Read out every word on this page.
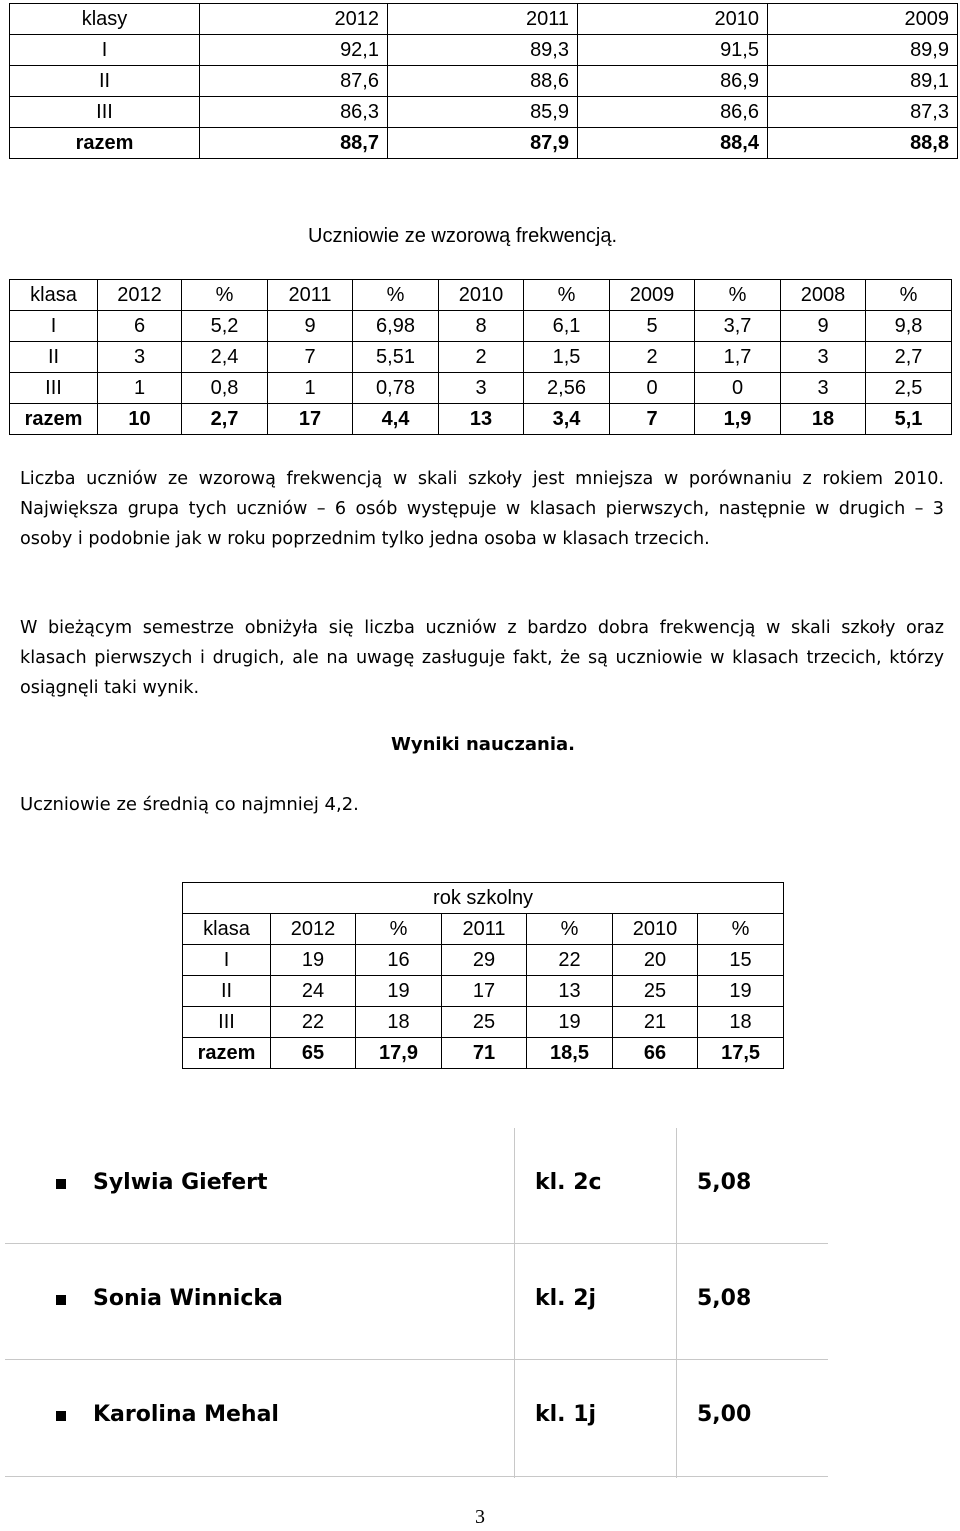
klasy	2012	2011	2010	2009
I	92,1	89,3	91,5	89,9
II	87,6	88,6	86,9	89,1
III	86,3	85,9	86,6	87,3
razem	88,7	87,9	88,4	88,8
Uczniowie ze wzorową frekwencją.
klasa	2012	%	2011	%	2010	%	2009	%	2008	%
I	6	5,2	9	6,98	8	6,1	5	3,7	9	9,8
II	3	2,4	7	5,51	2	1,5	2	1,7	3	2,7
III	1	0,8	1	0,78	3	2,56	0	0	3	2,5
razem	10	2,7	17	4,4	13	3,4	7	1,9	18	5,1
Liczba uczniów ze wzorową frekwencją w skali szkoły jest mniejsza w porównaniu z rokiem 2010. Największa grupa tych uczniów – 6 osób występuje w klasach pierwszych, następnie w drugich – 3 osoby i podobnie jak w roku poprzednim tylko jedna osoba w klasach trzecich.
W bieżącym semestrze obniżyła się liczba uczniów z bardzo dobra frekwencją w skali szkoły oraz klasach pierwszych i drugich, ale na uwagę zasługuje fakt, że są uczniowie w klasach trzecich, którzy osiągnęli taki wynik.
Wyniki nauczania.
Uczniowie ze średnią co najmniej 4,2.
rok szkolny						
klasa	2012	%	2011	%	2010	%
I	19	16	29	22	20	15
II	24	19	17	13	25	19
III	22	18	25	19	21	18
razem	65	17,9	71	18,5	66	17,5
Sylwia Giefert	kl. 2c	5,08
Sonia Winnicka	kl. 2j	5,08
Karolina Mehal	kl. 1j	5,00
3
